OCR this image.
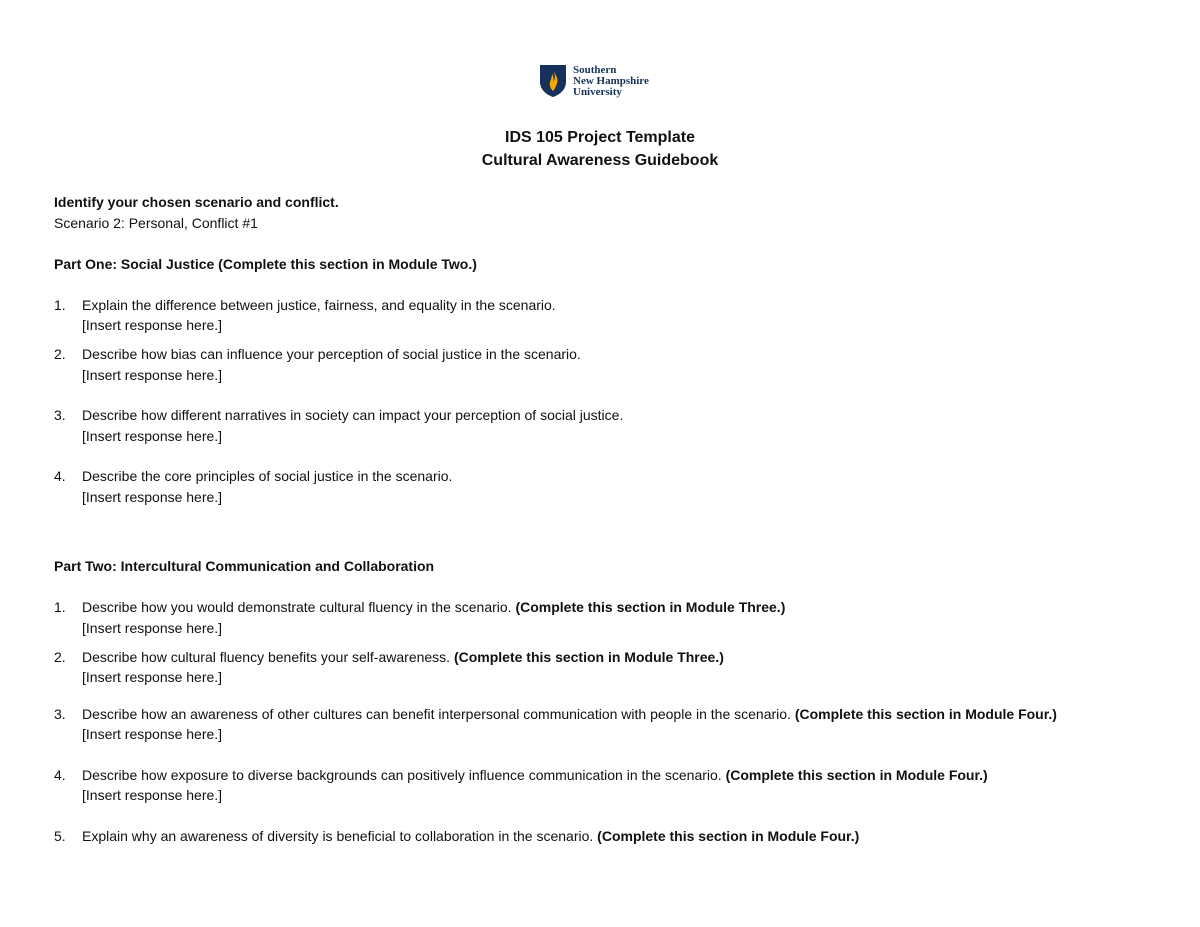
Southern
New Hampshire
University
IDS 105 Project Template
Cultural Awareness Guidebook
Identify your chosen scenario and conflict.
Scenario 2: Personal, Conflict #1
Part One: Social Justice (Complete this section in Module Two.)
1. Explain the difference between justice, fairness, and equality in the scenario.
[Insert response here.]
2. Describe how bias can influence your perception of social justice in the scenario.
[Insert response here.]
3. Describe how different narratives in society can impact your perception of social justice.
[Insert response here.]
4. Describe the core principles of social justice in the scenario.
[Insert response here.]
Part Two: Intercultural Communication and Collaboration
1. Describe how you would demonstrate cultural fluency in the scenario. (Complete this section in Module Three.)
[Insert response here.]
2. Describe how cultural fluency benefits your self-awareness. (Complete this section in Module Three.)
[Insert response here.]
3. Describe how an awareness of other cultures can benefit interpersonal communication with people in the scenario. (Complete this section in Module Four.)
[Insert response here.]
4. Describe how exposure to diverse backgrounds can positively influence communication in the scenario. (Complete this section in Module Four.)
[Insert response here.]
5. Explain why an awareness of diversity is beneficial to collaboration in the scenario. (Complete this section in Module Four.)
